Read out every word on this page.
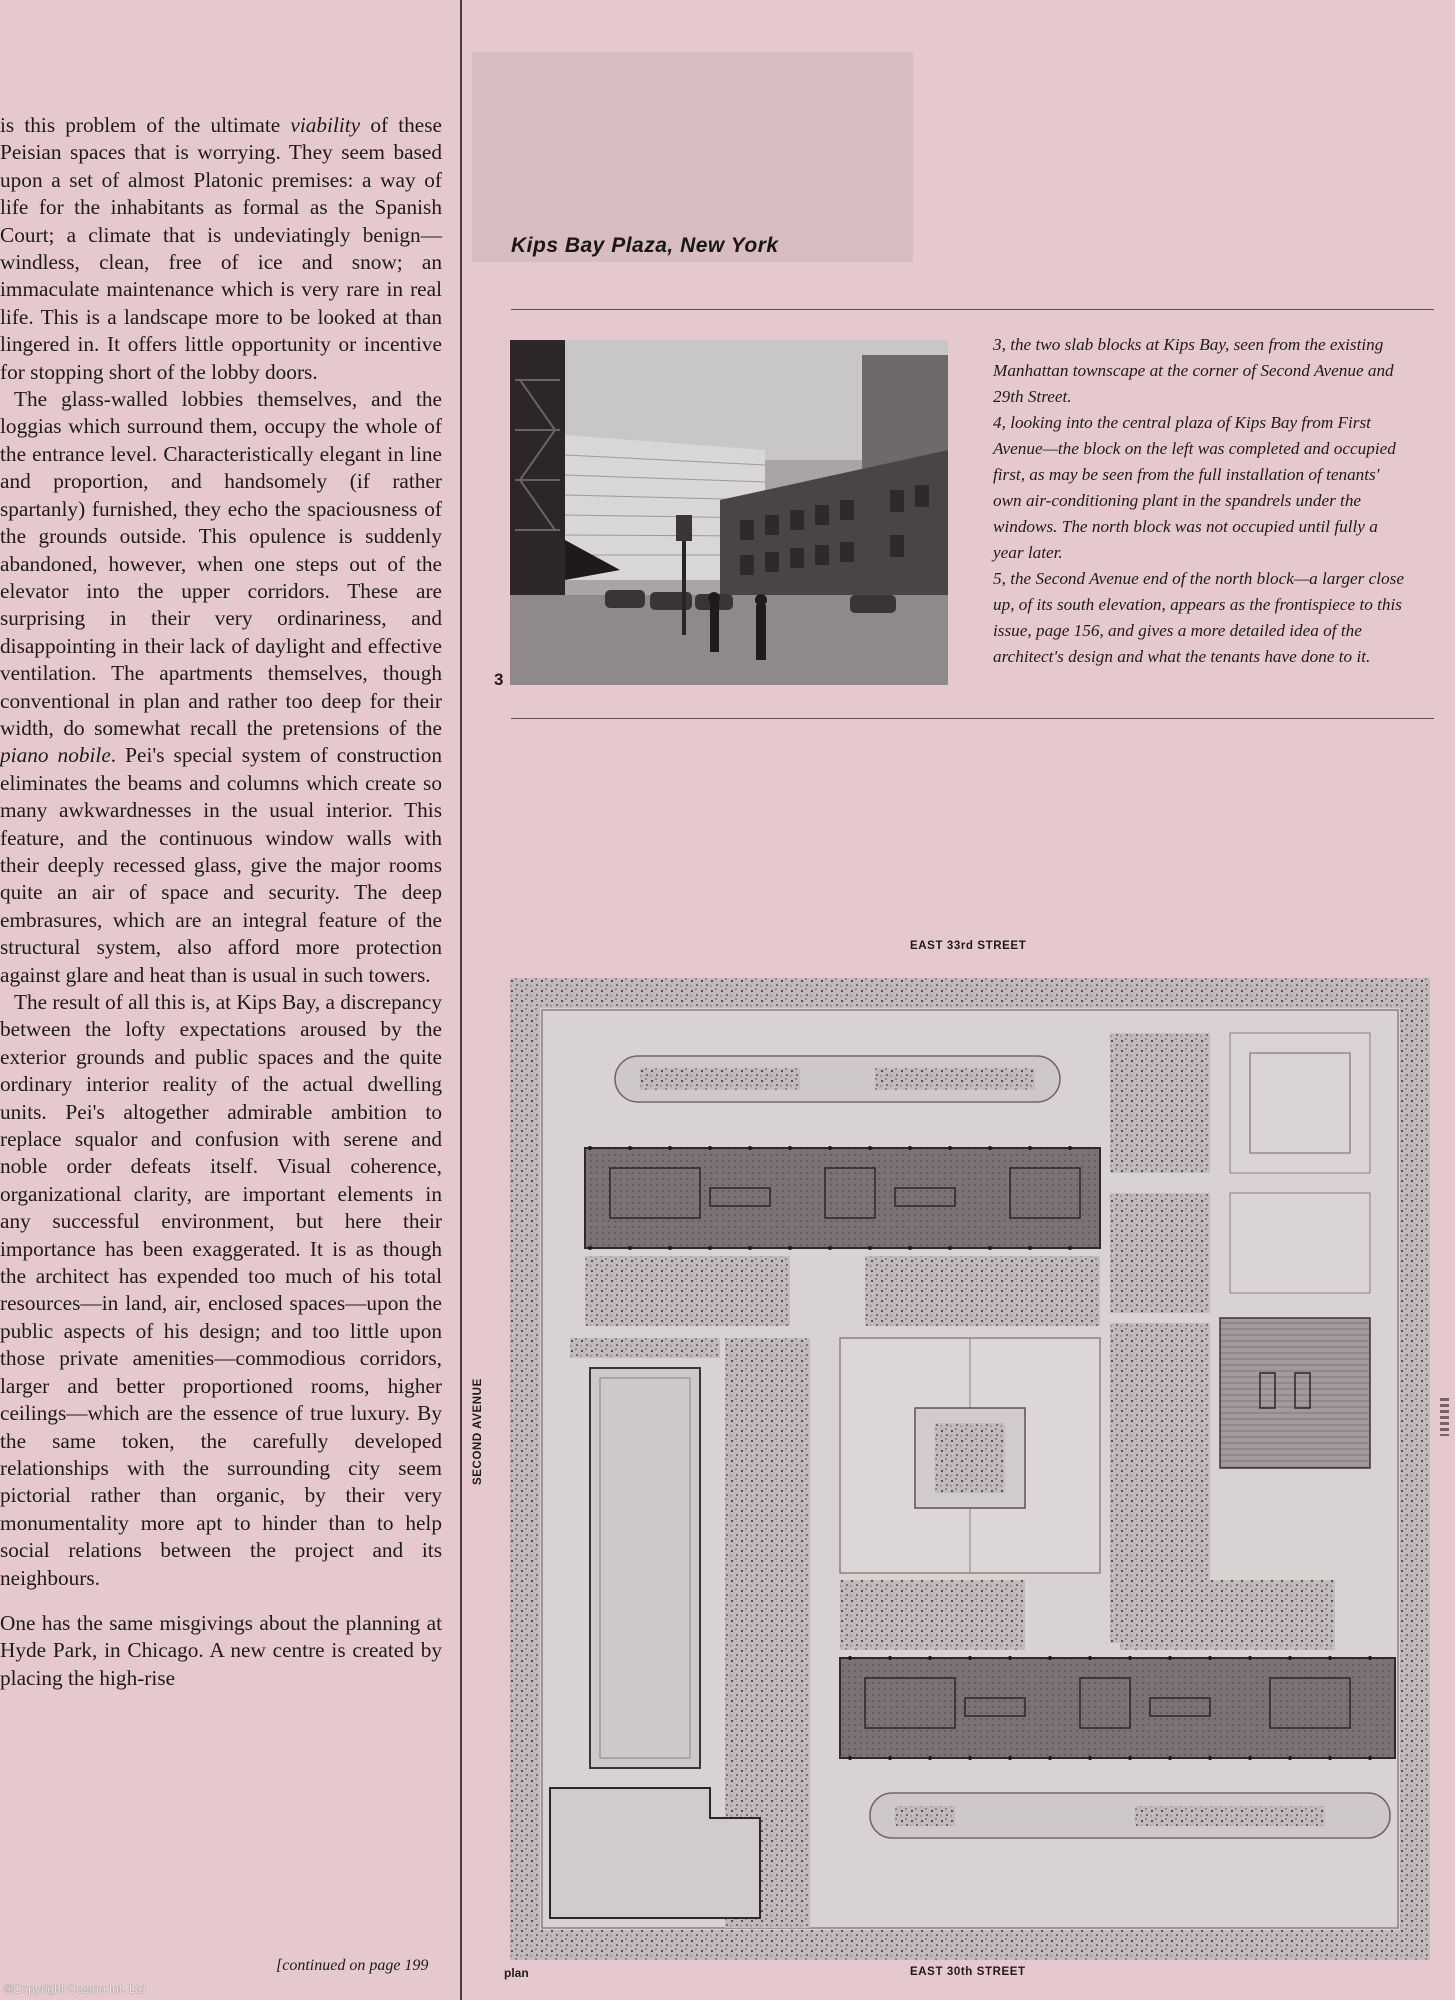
is this problem of the ultimate viability of these Peisian spaces that is worrying. They seem based upon a set of almost Platonic premises: a way of life for the inhabitants as formal as the Spanish Court; a climate that is undeviatingly benign—windless, clean, free of ice and snow; an immaculate maintenance which is very rare in real life. This is a landscape more to be looked at than lingered in. It offers little opportunity or incentive for stopping short of the lobby doors.

The glass-walled lobbies themselves, and the loggias which surround them, occupy the whole of the entrance level. Characteristically elegant in line and proportion, and handsomely (if rather spartanly) furnished, they echo the spaciousness of the grounds outside. This opulence is suddenly abandoned, however, when one steps out of the elevator into the upper corridors. These are surprising in their very ordinariness, and disappointing in their lack of daylight and effective ventilation. The apartments themselves, though conventional in plan and rather too deep for their width, do somewhat recall the pretensions of the piano nobile. Pei's special system of construction eliminates the beams and columns which create so many awkwardnesses in the usual interior. This feature, and the continuous window walls with their deeply recessed glass, give the major rooms quite an air of space and security. The deep embrasures, which are an integral feature of the structural system, also afford more protection against glare and heat than is usual in such towers.

The result of all this is, at Kips Bay, a discrepancy between the lofty expectations aroused by the exterior grounds and public spaces and the quite ordinary interior reality of the actual dwelling units. Pei's altogether admirable ambition to replace squalor and confusion with serene and noble order defeats itself. Visual coherence, organizational clarity, are important elements in any successful environment, but here their importance has been exaggerated. It is as though the architect has expended too much of his total resources—in land, air, enclosed spaces—upon the public aspects of his design; and too little upon those private amenities—commodious corridors, larger and better proportioned rooms, higher ceilings—which are the essence of true luxury. By the same token, the carefully developed relationships with the surrounding city seem pictorial rather than organic, by their very monumentality more apt to hinder than to help social relations between the project and its neighbours.

One has the same misgivings about the planning at Hyde Park, in Chicago. A new centre is created by placing the high-rise

[continued on page 199
Kips Bay Plaza, New York
3

3, the two slab blocks at Kips Bay, seen from the existing Manhattan townscape at the corner of Second Avenue and 29th Street.

4, looking into the central plaza of Kips Bay from First Avenue—the block on the left was completed and occupied first, as may be seen from the full installation of tenants' own air-conditioning plant in the spandrels under the windows. The north block was not occupied until fully a year later.

5, the Second Avenue end of the north block—a larger close up, of its south elevation, appears as the frontispiece to this issue, page 156, and gives a more detailed idea of the architect's design and what the tenants have done to it.

EAST 33rd STREET
EAST 30th STREET
SECOND AVENUE
plan
©Copyright Cosmo Int. Ltd
